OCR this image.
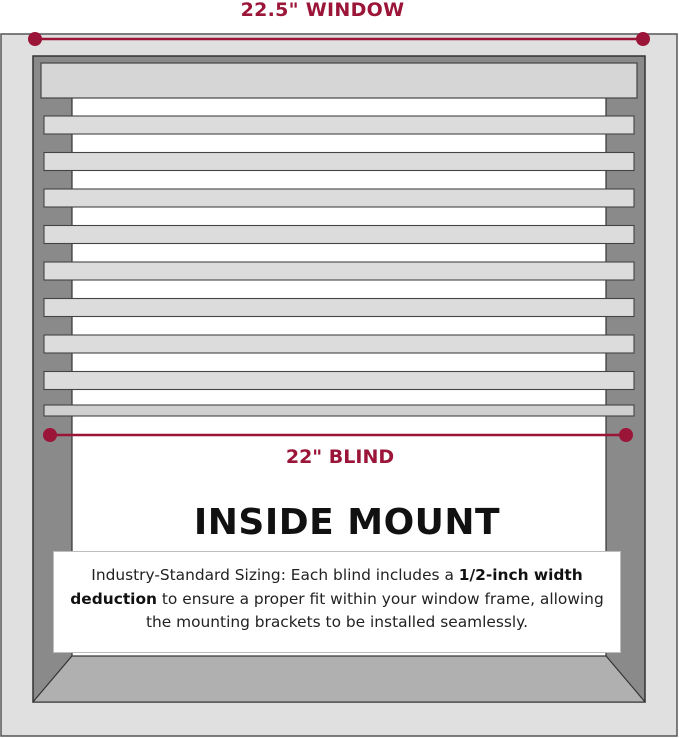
22.5" WINDOW
22" BLIND
INSIDE MOUNT
Industry-Standard Sizing: Each blind includes a 1/2-inch width deduction to ensure a proper fit within your window frame, allowing the mounting brackets to be installed seamlessly.
